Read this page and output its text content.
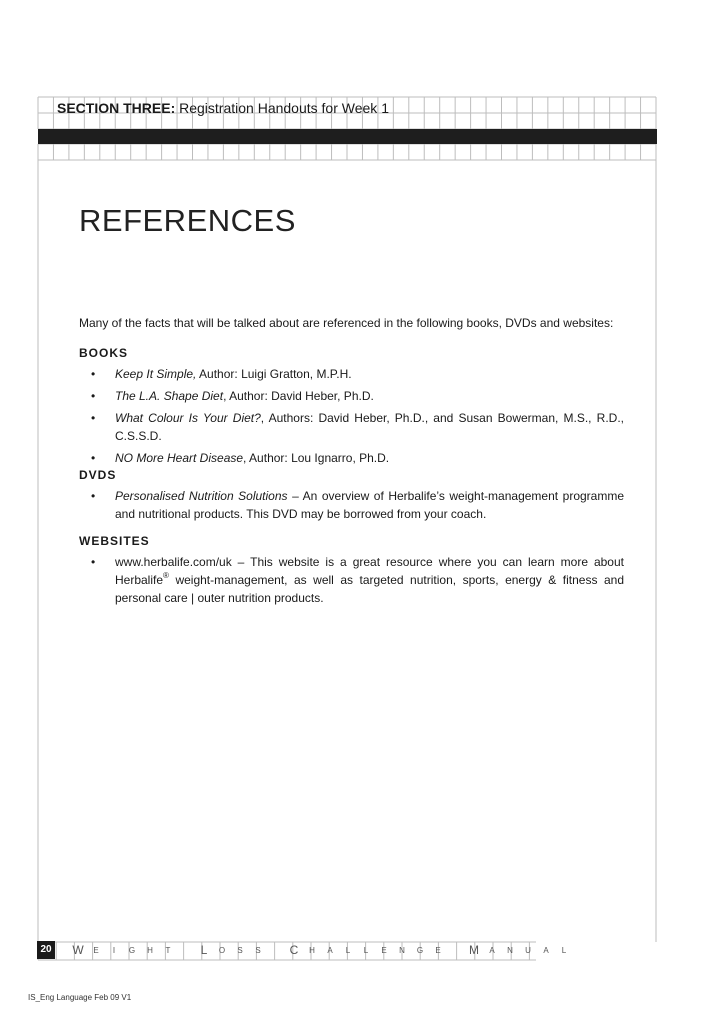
SECTION THREE: Registration Handouts for Week 1
REFERENCES

Many of the facts that will be talked about are referenced in the following books, DVDs and websites:

BOOKS
• Keep It Simple, Author: Luigi Gratton, M.P.H.
• The L.A. Shape Diet, Author: David Heber, Ph.D.
• What Colour Is Your Diet?, Authors: David Heber, Ph.D., and Susan Bowerman, M.S., R.D., C.S.S.D.
• NO More Heart Disease, Author: Lou Ignarro, Ph.D.
DVDS
• Personalised Nutrition Solutions – An overview of Herbalife’s weight-management programme and nutritional products. This DVD may be borrowed from your coach.
WEBSITES
• www.herbalife.com/uk – This website is a great resource where you can learn more about Herbalife® weight-management, as well as targeted nutrition, sports, energy & fitness and personal care | outer nutrition products.
20 W	E	I	G	H	T	L	O	S	S	C	H	A	L	L	E	N	G	E	M	A	N	U	A	L
IS_Eng Language Feb 09 V1
